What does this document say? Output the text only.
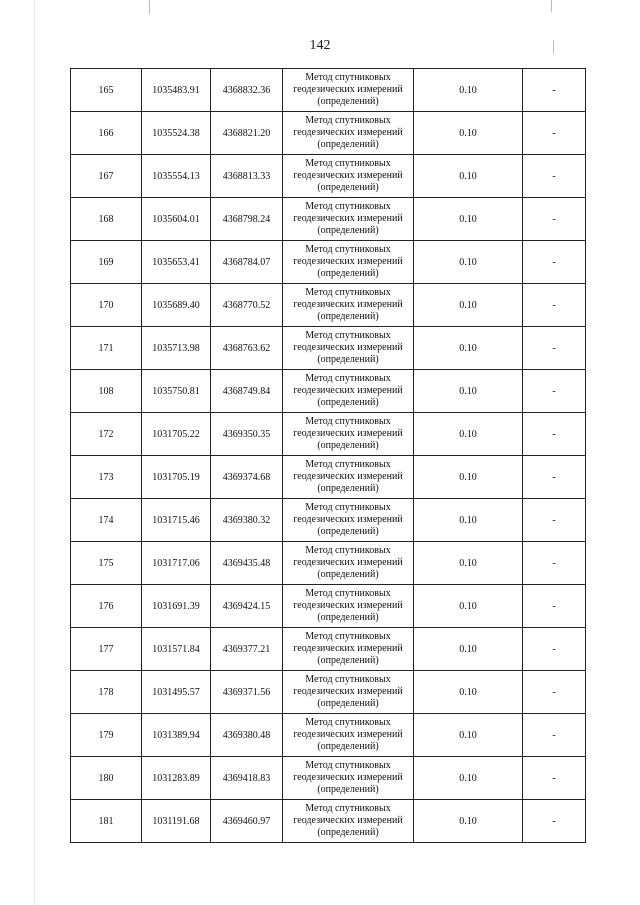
142
165	1035483.91	4368832.36	Метод спутниковых
геодезических измерений
(определений)	0.10	-
166	1035524.38	4368821.20	Метод спутниковых
геодезических измерений
(определений)	0.10	-
167	1035554.13	4368813.33	Метод спутниковых
геодезических измерений
(определений)	0.10	-
168	1035604.01	4368798.24	Метод спутниковых
геодезических измерений
(определений)	0.10	-
169	1035653.41	4368784.07	Метод спутниковых
геодезических измерений
(определений)	0.10	-
170	1035689.40	4368770.52	Метод спутниковых
геодезических измерений
(определений)	0.10	-
171	1035713.98	4368763.62	Метод спутниковых
геодезических измерений
(определений)	0.10	-
108	1035750.81	4368749.84	Метод спутниковых
геодезических измерений
(определений)	0.10	-
172	1031705.22	4369350.35	Метод спутниковых
геодезических измерений
(определений)	0.10	-
173	1031705.19	4369374.68	Метод спутниковых
геодезических измерений
(определений)	0.10	-
174	1031715.46	4369380.32	Метод спутниковых
геодезических измерений
(определений)	0.10	-
175	1031717.06	4369435.48	Метод спутниковых
геодезических измерений
(определений)	0.10	-
176	1031691.39	4369424.15	Метод спутниковых
геодезических измерений
(определений)	0.10	-
177	1031571.84	4369377.21	Метод спутниковых
геодезических измерений
(определений)	0.10	-
178	1031495.57	4369371.56	Метод спутниковых
геодезических измерений
(определений)	0.10	-
179	1031389.94	4369380.48	Метод спутниковых
геодезических измерений
(определений)	0.10	-
180	1031283.89	4369418.83	Метод спутниковых
геодезических измерений
(определений)	0.10	-
181	1031191.68	4369460.97	Метод спутниковых
геодезических измерений
(определений)	0.10	-
